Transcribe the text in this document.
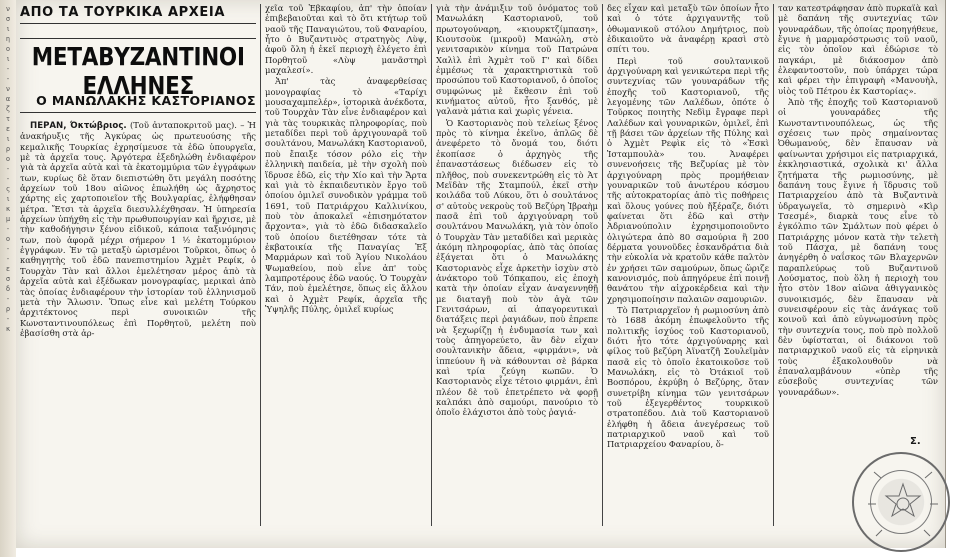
ν
σ
ι
η
ο
ι
-
-
ν
α
ζ
τ
ε
ι
ρ
ο
-
-
ς
ι
κ
μ
-
ο
-
-
ε
σ
δ
-
ρ
-
κ
ΑΠΟ ΤΑ ΤΟΥΡΚΙΚΑ ΑΡΧΕΙΑ
ΜΕΤΑΒΥΖΑΝΤΙΝΟΙ ΕΛΛΗΝΕΣ
Ο ΜΑΝΩΛΑΚΗΣ ΚΑΣΤΟΡΙΑΝΟΣ

ΠΕΡΑΝ, Όκτώβριος. (Τοῦ ἀνταποκριτοῦ μας). – Ἡ ἀνακήρυξις τῆς Ἀγκύρας ὡς πρωτευούσης τῆς κεμαλικῆς Τουρκίας ἐχρησίμευσε τὰ ἐδῶ ὑπουργεῖα, μὲ τὰ ἀρχεῖα τους. Ἀργότερα ἐξεδηλώθη ἐνδιαφέρον γιὰ τὰ ἀρχεῖα αὐτὰ καὶ τὰ ἑκατομμύρια τῶν ἐγγράφων των, κυρίως δὲ ὅταν διεπιστώθη ὅτι μεγάλη ποσότης ἀρχείων τοῦ 18ου αἰῶνος ἐπωλήθη ὡς ἄχρηστος χάρτης εἰς χαρτοποιεῖον τῆς Βουλγαρίας, ἐλήφθησαν μέτρα. Ἔτσι τὰ ἀρχεῖα διεσυλλέχθησαν. Ἡ ὑπηρεσία ἀρχείων ὑπήχθη εἰς τὴν πρωθυπουργίαν καὶ ἤρχισε, μὲ τὴν καθοδήγησιν ξένου εἰδικοῦ, κάποια ταξινόμησις των, ποὺ ἀφορᾶ μέχρι σήμερον 1 ½ ἑκατομμύριον ἐγγράφων. Ἐν τῷ μεταξὺ ὡρισμένοι Τοῦρκοι, ὅπως ὁ καθηγητὴς τοῦ ἐδῶ πανεπιστημίου Ἀχμὲτ Ρεφίκ, ὁ Τουρχὰν Τὰν καὶ ἄλλοι ἐμελέτησαν μέρος ἀπὸ τὰ ἀρχεῖα αὐτὰ καὶ ἐξέδωκαν μονογραφίας, μερικαὶ ἀπὸ τὰς ὁποίας ἐνδιαφέρουν τὴν ἱστορίαν τοῦ ἑλληνισμοῦ μετὰ τὴν Ἅλωσιν. Ὅπως εἶνε καὶ μελέτη Τούρκου ἀρχιτέκτονος περὶ συνοικιῶν τῆς Κωνσταντινουπόλεως ἐπὶ Πορθητοῦ, μελέτη ποὺ ἐβασίσθη στὰ ἀρ-

χεῖα τοῦ Ἐβκαφίου, ἀπ' τὴν ὁποίαν ἐπιβεβαιοῦται καὶ τὸ ὅτι κτήτωρ τοῦ ναοῦ τῆς Παναγιώτου, τοῦ Φαναρίου, ἦτο ὁ Βυζαντινὸς στρατηγὸς Λὺψ, ἀφοῦ ὅλη ἡ ἐκεῖ περιοχὴ ἐλέγετο ἐπὶ Πορθητοῦ «Λὺψ μανᾶστηρὶ μαχαλεσί».

Ἀπ' τὰς ἀναφερθείσας μονογραφίας τὸ «Ταρίχι μουσαχαμπελέρ», ἱστορικὰ ἀνέκδοτα, τοῦ Τουρχὰν Τὰν εἶνε ἐνδιαφέρον καὶ γιὰ τὰς τουρκικὰς πληροφορίας, ποὺ μεταδίδει περὶ τοῦ ἀρχιγουναρᾶ τοῦ σουλτάνου, Μανωλάκη Καστοριανοῦ, ποὺ ἔπαιξε τόσον ρόλο εἰς τὴν ἑλληνικὴ παιδεία, μὲ τὴν σχολὴ ποὺ ἵδρυσε ἐδῶ, εἰς τὴν Χίο καὶ τὴν Ἄρτα καὶ γιὰ τὸ ἐκπαιδευτικὸν ἔργο τοῦ ὁποίου ὁμιλεῖ συνοδικὸν γράμμα τοῦ 1691, τοῦ Πατριάρχου Καλλινίκου, ποὺ τὸν ἀποκαλεῖ «ἐπισημότατον ἄρχοντα», γιὰ τὸ ἐδῶ διδασκαλεῖο τοῦ ὁποίου διετέθησαν τότε τὰ ἐκβατοικία τῆς Παναγίας Ἐξ Μαρμάρων καὶ τοῦ Ἁγίου Νικολάου Ψωμαθείου, ποὺ εἶνε ἀπ' τοὺς λαμπροτέρους ἐδῶ ναούς. Ὁ Τουρχὰν Τάν, ποὺ ἐμελέτησε, ὅπως εἰς ἄλλου καὶ ὁ Ἀχμὲτ Ρεφίκ, ἀρχεῖα τῆς Ὑψηλῆς Πύλης, ὁμιλεῖ κυρίως

γιὰ τὴν ἀνάμιξιν τοῦ ὀνόματος τοῦ Μανωλάκη Καστοριανοῦ, τοῦ πρωτογούναρη, «κιουρκτζίμπαση», Κιουτσοὺκ (μικροῦ) Μανώλη, στὸ γενιτσαρικὸν κίνημα τοῦ Πατρώνα Χαλὶλ ἐπὶ Ἀχμὲτ τοῦ Γ' καὶ δίδει ἐμμέσως τὰ χαρακτηριστικὰ τοῦ προσώπου τοῦ Καστοριανοῦ, ὁ ὁποῖος συμφώνως μὲ ἔκθεσιν ἐπὶ τοῦ κινήματος αὐτοῦ, ἦτο ξανθός, μὲ γαλανὰ μάτια καὶ χωρὶς γένεια.

Ὁ Καστοριανὸς ποὺ τελείως ξένος πρὸς τὸ κίνημα ἐκεῖνο, ἁπλῶς δὲ ἀνεφέρετο τὸ ὄνομά του, διότι ἐκοπίασε ὁ ἀρχηγὸς τῆς ἐπαναστάσεως διέδωσεν εἰς τὸ πλῆθος, ποὺ συνεκεντρώθη εἰς τὸ Ἀτ Μεϊδὰν τῆς Σταμπούλ, ἐκεῖ στὴν κοιλάδα τοῦ Λύκου, ὅτι ὁ σουλτάνος σ' αὐτοὺς νεκροὺς τοῦ Βεζύρη Ἰβραὴμ πασᾶ ἐπὶ τοῦ ἀρχιγούναρη τοῦ σουλτάνου Μανωλάκη, γιὰ τὸν ὁποῖο ὁ Τουρχὰν Τὰν μεταδίδει καὶ μερικὰς ἀκόμη πληροφορίας, ἀπὸ τὰς ὁποίας ἐξάγεται ὅτι ὁ Μανωλάκης Καστοριανὸς εἶχε ἀρκετὴν ἰσχὺν στὸ ἀνάκτορο τοῦ Τόπκαπου, εἰς ἐποχὴ κατὰ τὴν ὁποίαν εἶχαν ἀναγεννηθῇ με διαταγῇ ποὺ τὸν ἀγὰ τῶν Γενιτσάρων, αἱ ἀπαγορευτικαὶ διατάξεις περὶ ῥαγιάδων, ποὺ ἐπρεπε νὰ ξεχωρίζῃ ἡ ἐνδυμασία των καὶ τοὺς ἀπηγορεύετο, ἂν δὲν εἶχαν σουλτανικὴν ἄδεια, «φιρμάνι», νὰ ἱππεύουν ἢ νὰ κάθουνται σὲ βάρκα καὶ τρία ζεύγη κωπῶν. Ὁ Καστοριανὸς εἶχε τέτοιο φιρμάνι, ἐπὶ πλέον δὲ τοῦ ἐπετρέπετο νὰ φορῇ καλπάκι ἀπὸ σαμούρι, πανούριο τὸ ὁποῖο ἐλάχιστοι ἀπὸ τοὺς ῥαγιά-

δες εἶχαν καὶ μεταξὺ τῶν ὁποίων ἦτο καὶ ὁ τότε ἀρχιγαυντῆς τοῦ ὀθωμανικοῦ στόλου Δημήτριος, ποὺ ἐδικαιοῦτο νὰ ἀναφέρῃ κρασὶ στὸ σπίτι του.

Περὶ τοῦ σουλτανικοῦ ἀρχιγούναρη καὶ γενικώτερα περὶ τῆς συντεχνίας τῶν γουναράδων τῆς ἐποχῆς τοῦ Καστοριανοῦ, τῆς λεγομένης τῶν Λαλέδων, ὁπότε ὁ Τοῦρκος ποιητὴς Νεδὶμ ἔγραφε περὶ Λαλέδων καὶ γουναρικῶν, ὁμιλεῖ, ἐπὶ τῇ βάσει τῶν ἀρχείων τῆς Πύλης καὶ ὁ Ἀχμὲτ Ρεφὶκ εἰς τὸ «Ἐσκὶ Ἰσταμπουλὰ» του. Ἀναφέρει συνενοήσεις τῆς Βεζυρίας μὲ τὸν ἀρχιγούναρη πρὸς προμήθειαν γουναρικῶν τοῦ ἀνωτέρου κόσμου τῆς αὐτοκρατορίας ἀπὸ τὶς ποθήρεις καὶ ὅλους γούνες ποὺ ἤξέραζε, διότι φαίνεται ὅτι ἐδῶ καὶ στὴν Ἀδριανούπολιν ἐχρησιμοποιοῦντο ὀλιγώτερα ἀπὸ 80 σαμούρια ἢ 200 δέρματα γουνοῦδες ἐσκανδράτια διὰ τὴν εὐκολία νὰ κρατοῦν κάθε παλτὸν ἐν χρήσει τῶν σαμούρων, ὅπως ὥριζε κανονισμός, ποὺ ἀπηγόρευε ἐπὶ ποινῇ θανάτου τὴν αἰχροκέρδεια καὶ τὴν χρησιμοποίησιν παλαιῶν σαμουριῶν.

Τὸ Πατριαρχεῖον ἡ ρωμιοσύνη ἀπὸ τὸ 1688 ἀκόμη ἐπωφελοῦντο τῆς πολιτικῆς ἰσχύος τοῦ Καστοριανοῦ, διότι ἦτο τότε ἀρχιγούναρης καὶ φίλος τοῦ βεζύρη Ἀϊνατζῆ Σουλεϊμὰν πασᾶ εἰς τὸ ὁποῖο ἐκατοικοῦσε τοῦ Μανωλάκη, εἰς τὸ Ὀτάκιοϊ τοῦ Βοσπόρου, ἐκρύβη ὁ Βεζύρης, ὅταν συνετρίβη κίνημα τῶν γενιτσάρων τοῦ ἐξεγερθέντος τουρκικοῦ στρατοπέδου. Διὰ τοῦ Καστοριανοῦ ἐλήφθη ἡ ἄδεια ἀνεγέρσεως τοῦ πατριαρχικοῦ ναοῦ καὶ τοῦ Πατριαρχείου Φαναρίου, ὅ-

ταν κατεστράφησαν ἀπὸ πυρκαϊὰ καὶ μὲ δαπάνη τῆς συντεχνίας τῶν γουναράδων, τῆς ὁποίας προηγήθευε, ἔγινε ἡ μαρμαρόστρωσις τοῦ ναοῦ, εἰς τὸν ὁποῖον καὶ ἐδώρισε τὸ παγκάρι, μὲ διάκοσμον ἀπὸ ἐλεφαντοστοῦν, ποὺ ὑπάρχει τώρα καὶ φέρει τὴν ἐπιγραφὴ «Μανουὴλ, υἱὸς τοῦ Πέτρου ἐκ Καστορίας».

Ἀπὸ τῆς ἐποχῆς τοῦ Καστοριανοῦ οἱ γουναράδες τῆς Κωνσταντινουπόλεως, ὡς τῆς σχέσεις των πρὸς σημαίνοντας Ὀθωμανούς, δὲν ἔπαυσαν νὰ φαίνωνται χρήσιμοι εἰς πατριαρχικά, ἐκκλησιαστικά, σχολικὰ κι' ἄλλα ζητήματα τῆς ρωμιοσύνης, μὲ δαπάνη τους ἔγινε ἡ ἵδρυσις τοῦ Πατριαρχείου ἀπὸ τὰ Βυζαντινὰ ὑδραγωγεῖα, τὸ σημερινὸ «Κὶρ Τσεσμέ», διαρκὰ τους εἶνε τὸ ἐγκόλπιο τῶν Σμάλτων ποὺ φέρει ὁ Πατριάρχης μόνον κατὰ τὴν τελετὴ τοῦ Πάσχα, μὲ δαπάνη τους ἀνηγέρθη ὁ ναΐσκος τῶν Βλαχερνῶν παραπλεύρως τοῦ Βυζαντινοῦ Λούσματος, ποὺ ὅλη ἡ περιοχὴ του ἦτο στὸν 18ον αἰῶνα ἀθιγγανικὸς συνοικισμός, δὲν ἔπαυσαν νὰ συνεισφέρουν εἰς τὰς ἀνάγκας τοῦ κοινοῦ καὶ ἀπὸ εὐγνωμοσύνη πρὸς τὴν συντεχνία τους, ποὺ πρὸ πολλοῦ δὲν ὑφίσταται, οἱ διάκονοι τοῦ πατριαρχικοῦ ναοῦ εἰς τὰ εἰρηνικὰ τοὺς ἐξακολουθοῦν νὰ ἐπαναλαμβάνουν «ὑπὲρ τῆς εὐσεβοῦς συντεχνίας τῶν γουναράδων».

Σ.
